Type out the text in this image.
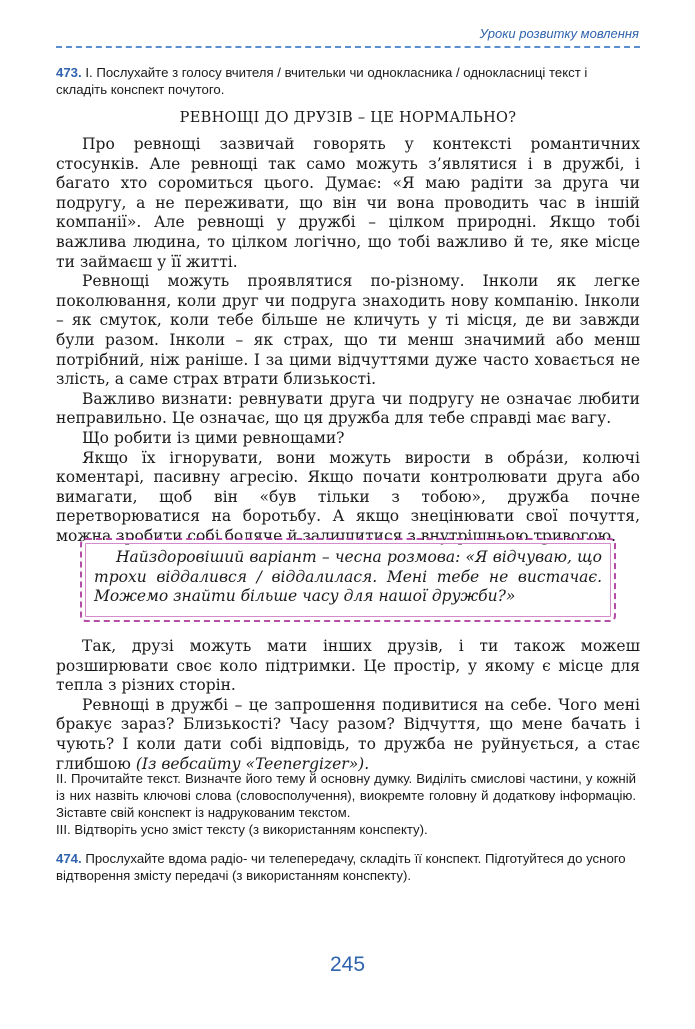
Уроки розвитку мовлення
473. І. Послухайте з голосу вчителя / вчительки чи однокласника / однокласниці текст і складіть конспект почутого.
РЕВНОЩІ ДО ДРУЗІВ – ЦЕ НОРМАЛЬНО?

Про ревнощі зазвичай говорять у контексті романтичних стосунків. Але ревнощі так само можуть з’являтися і в дружбі, і багато хто соромиться цього. Думає: «Я маю радіти за друга чи подругу, а не переживати, що він чи вона проводить час в іншій компанії». Але ревнощі у дружбі – цілком природні. Якщо тобі важлива людина, то цілком логічно, що тобі важливо й те, яке місце ти займаєш у її житті.

Ревнощі можуть проявлятися по-різному. Інколи як легке поколювання, коли друг чи подруга знаходить нову компанію. Інколи – як смуток, коли тебе більше не кличуть у ті місця, де ви завжди були разом. Інколи – як страх, що ти менш значимий або менш потрібний, ніж раніше. І за цими відчуттями дуже часто ховається не злість, а саме страх втрати близькості.

Важливо визнати: ревнувати друга чи подругу не означає любити неправильно. Це означає, що ця дружба для тебе справді має вагу.

Що робити із цими ревнощами?

Якщо їх ігнорувати, вони можуть вирости в обра́зи, колючі коментарі, пасивну агресію. Якщо почати контролювати друга або вимагати, щоб він «був тільки з тобою», дружба почне перетворюватися на боротьбу. А якщо знецінювати свої почуття, можна зробити собі боляче й залишитися з внутрішньою тривогою.

Найздоровіший варіант – чесна розмова: «Я відчуваю, що трохи віддалився / віддалилася. Мені тебе не вистачає. Можемо знайти більше часу для нашої дружби?»

Так, друзі можуть мати інших друзів, і ти також можеш розширювати своє коло підтримки. Це простір, у якому є місце для тепла з різних сторін.

Ревнощі в дружбі – це запрошення подивитися на себе. Чого мені бракує зараз? Близькості? Часу разом? Відчуття, що мене бачать і чують? І коли дати собі відповідь, то дружба не руйнується, а стає глибшою (Із вебсайту «Teenergizer»).

ІІ. Прочитайте текст. Визначте його тему й основну думку. Виділіть смислові частини, у кожній із них назвіть ключові слова (словосполучення), виокремте головну й додаткову інформацію. Зіставте свій конспект із надрукованим текстом.

ІІІ. Відтворіть усно зміст тексту (з використанням конспекту).

474. Прослухайте вдома радіо- чи телепередачу, складіть її конспект. Підготуйтеся до усного відтворення змісту передачі (з використанням конспекту).
245
